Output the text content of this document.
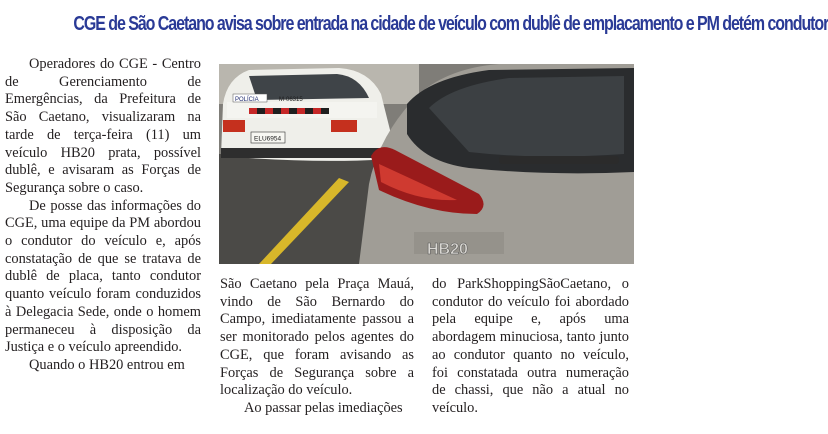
CGE de São Caetano avisa sobre entrada na cidade de veículo com dublê de emplacamento e PM detém condutor

Operadores do CGE - Centro de Gerenciamento de Emergências, da Prefeitura de São Caetano, visualizaram na tarde de terça-feira (11) um veículo HB20 prata, possível dublê, e avisaram as Forças de Segurança sobre o caso.

De posse das informações do CGE, uma equipe da PM abordou o condutor do veículo e, após constatação de que se tratava de dublê de placa, tanto condutor quanto veículo foram conduzidos à Delegacia Sede, onde o homem permaneceu à disposição da Justiça e o veículo apreendido.

Quando o HB20 entrou em

POLÍCIA	M-06315
ELU6954
HB20

São Caetano pela Praça Mauá, vindo de São Bernardo do Campo, imediatamente passou a ser monitorado pelos agentes do CGE, que foram avisando as Forças de Segurança sobre a localização do veículo.

Ao passar pelas imediações

do ParkShoppingSãoCaetano, o condutor do veículo foi abordado pela equipe e, após uma abordagem minuciosa, tanto junto ao condutor quanto no veículo, foi constatada outra numeração de chassi, que não a atual no veículo.
